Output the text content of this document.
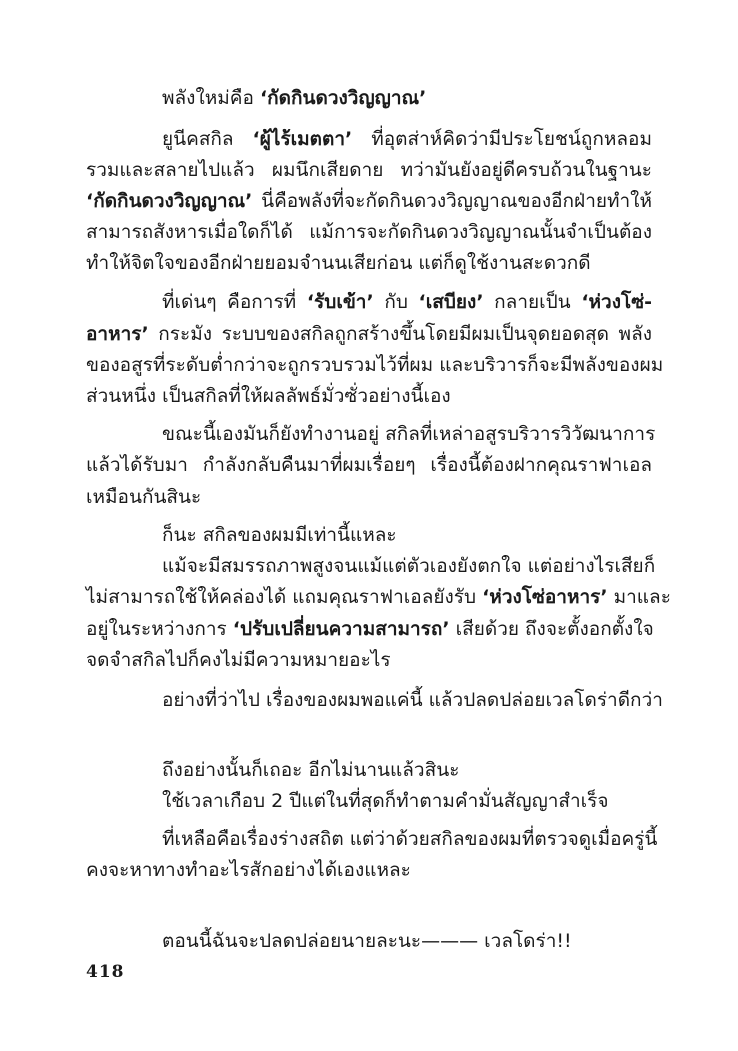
พลังใหม่คือ ‘กัดกินดวงวิญญาณ’
ยูนีคสกิล ‘ผู้ไร้เมตตา’ ที่อุตส่าห์คิดว่ามีประโยชน์ถูกหลอม
รวมและสลายไปแล้ว ผมนึกเสียดาย ทว่ามันยังอยู่ดีครบถ้วนในฐานะ
‘กัดกินดวงวิญญาณ’ นี่คือพลังที่จะกัดกินดวงวิญญาณของอีกฝ่ายทำให้
สามารถสังหารเมื่อใดก็ได้ แม้การจะกัดกินดวงวิญญาณนั้นจำเป็นต้อง
ทำให้จิตใจของอีกฝ่ายยอมจำนนเสียก่อน แต่ก็ดูใช้งานสะดวกดี
ที่เด่นๆ คือการที่ ‘รับเข้า’ กับ ‘เสบียง’ กลายเป็น ‘ห่วงโซ่-
อาหาร’ กระมัง ระบบของสกิลถูกสร้างขึ้นโดยมีผมเป็นจุดยอดสุด พลัง
ของอสูรที่ระดับต่ำกว่าจะถูกรวบรวมไว้ที่ผม และบริวารก็จะมีพลังของผม
ส่วนหนึ่ง เป็นสกิลที่ให้ผลลัพธ์มั่วซั่วอย่างนี้เอง
ขณะนี้เองมันก็ยังทำงานอยู่ สกิลที่เหล่าอสูรบริวารวิวัฒนาการ
แล้วได้รับมา กำลังกลับคืนมาที่ผมเรื่อยๆ เรื่องนี้ต้องฝากคุณราฟาเอล
เหมือนกันสินะ
ก็นะ สกิลของผมมีเท่านี้แหละ
แม้จะมีสมรรถภาพสูงจนแม้แต่ตัวเองยังตกใจ แต่อย่างไรเสียก็
ไม่สามารถใช้ให้คล่องได้ แถมคุณราฟาเอลยังรับ ‘ห่วงโซ่อาหาร’ มาและ
อยู่ในระหว่างการ ‘ปรับเปลี่ยนความสามารถ’ เสียด้วย ถึงจะตั้งอกตั้งใจ
จดจำสกิลไปก็คงไม่มีความหมายอะไร
อย่างที่ว่าไป เรื่องของผมพอแค่นี้ แล้วปลดปล่อยเวลโดร่าดีกว่า
ถึงอย่างนั้นก็เถอะ อีกไม่นานแล้วสินะ
ใช้เวลาเกือบ 2 ปีแต่ในที่สุดก็ทำตามคำมั่นสัญญาสำเร็จ
ที่เหลือคือเรื่องร่างสถิต แต่ว่าด้วยสกิลของผมที่ตรวจดูเมื่อครู่นี้
คงจะหาทางทำอะไรสักอย่างได้เองแหละ
ตอนนี้ฉันจะปลดปล่อยนายละนะ——— เวลโดร่า!!
418
